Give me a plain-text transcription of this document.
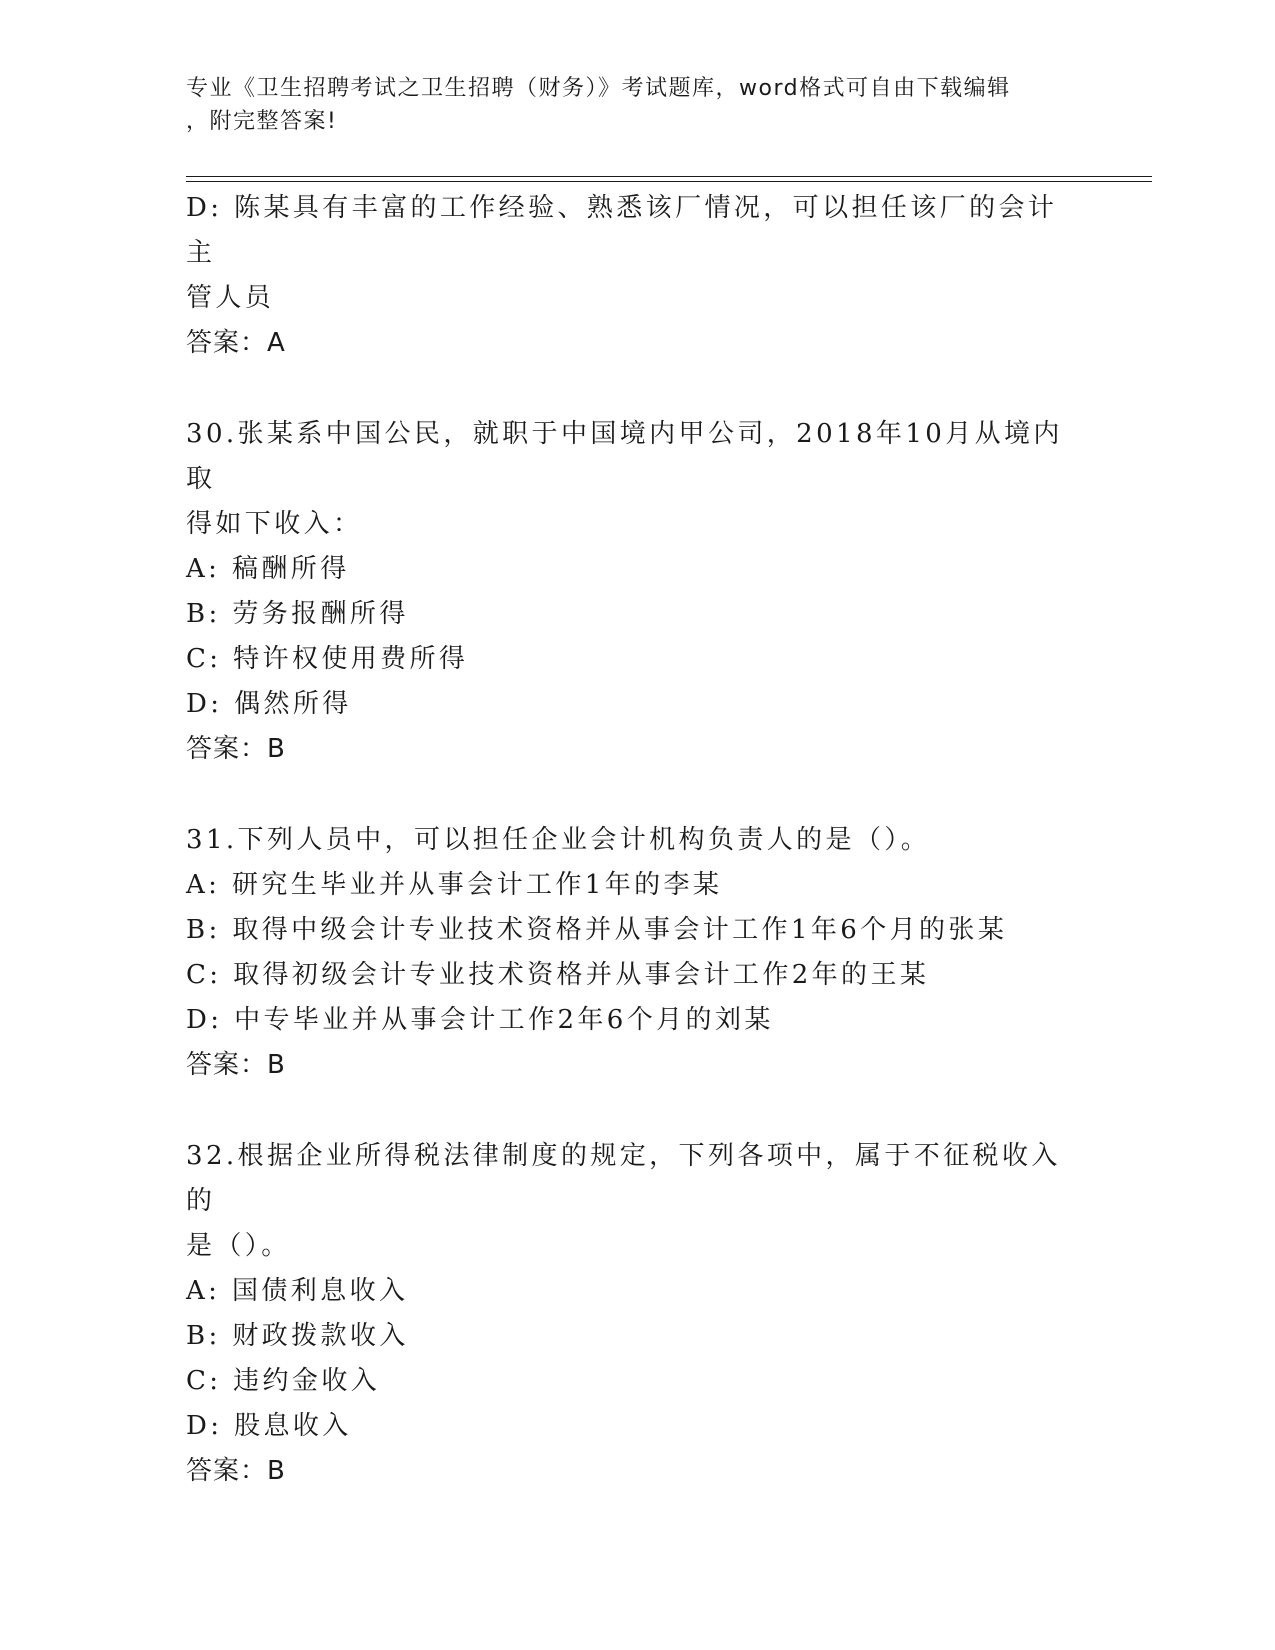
专业《卫生招聘考试之卫生招聘（财务）》考试题库，word格式可自由下载编辑
，附完整答案!

D: 陈某具有丰富的工作经验、熟悉该厂情况，可以担任该厂的会计主

管人员

答案：A

30.张某系中国公民，就职于中国境内甲公司，2018年10月从境内取

得如下收入：

A: 稿酬所得

B: 劳务报酬所得

C: 特许权使用费所得

D: 偶然所得

答案：B

31.下列人员中，可以担任企业会计机构负责人的是（）。

A: 研究生毕业并从事会计工作1年的李某

B: 取得中级会计专业技术资格并从事会计工作1年6个月的张某

C: 取得初级会计专业技术资格并从事会计工作2年的王某

D: 中专毕业并从事会计工作2年6个月的刘某

答案：B

32.根据企业所得税法律制度的规定，下列各项中，属于不征税收入的

是（）。

A: 国债利息收入

B: 财政拨款收入

C: 违约金收入

D: 股息收入

答案：B
